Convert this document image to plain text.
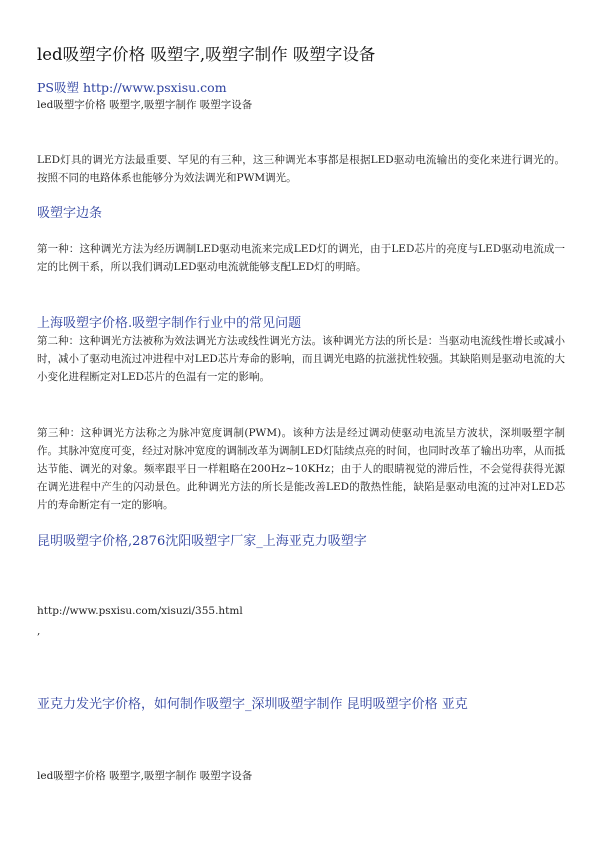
led吸塑字价格 吸塑字,吸塑字制作 吸塑字设备
PS吸塑 http://www.psxisu.com
led吸塑字价格 吸塑字,吸塑字制作 吸塑字设备
LED灯具的调光方法最重要、罕见的有三种，这三种调光本事都是根据LED驱动电流输出的变化来进行调光的。按照不同的电路体系也能够分为效法调光和PWM调光。
吸塑字边条
第一种：这种调光方法为经历调制LED驱动电流来完成LED灯的调光，由于LED芯片的亮度与LED驱动电流成一定的比例干系，所以我们调动LED驱动电流就能够支配LED灯的明暗。
上海吸塑字价格.吸塑字制作行业中的常见问题
第二种：这种调光方法被称为效法调光方法或线性调光方法。该种调光方法的所长是：当驱动电流线性增长或减小时，减小了驱动电流过冲进程中对LED芯片寿命的影响，而且调光电路的抗滋扰性较强。其缺陷则是驱动电流的大小变化进程断定对LED芯片的色温有一定的影响。
第三种：这种调光方法称之为脉冲宽度调制(PWM)。该种方法是经过调动使驱动电流呈方波状，深圳吸塑字制作。其脉冲宽度可变，经过对脉冲宽度的调制改革为调制LED灯陆续点亮的时间，也同时改革了输出功率，从而抵达节能、调光的对象。频率跟平日一样粗略在200Hz~10KHz；由于人的眼睛视觉的滞后性，不会觉得获得光源在调光进程中产生的闪动景色。此种调光方法的所长是能改善LED的散热性能，缺陷是驱动电流的过冲对LED芯片的寿命断定有一定的影响。
昆明吸塑字价格,2876沈阳吸塑字厂家_上海亚克力吸塑字
http://www.psxisu.com/xisuzi/355.html
,
亚克力发光字价格，如何制作吸塑字_深圳吸塑字制作 昆明吸塑字价格 亚克
led吸塑字价格 吸塑字,吸塑字制作 吸塑字设备
